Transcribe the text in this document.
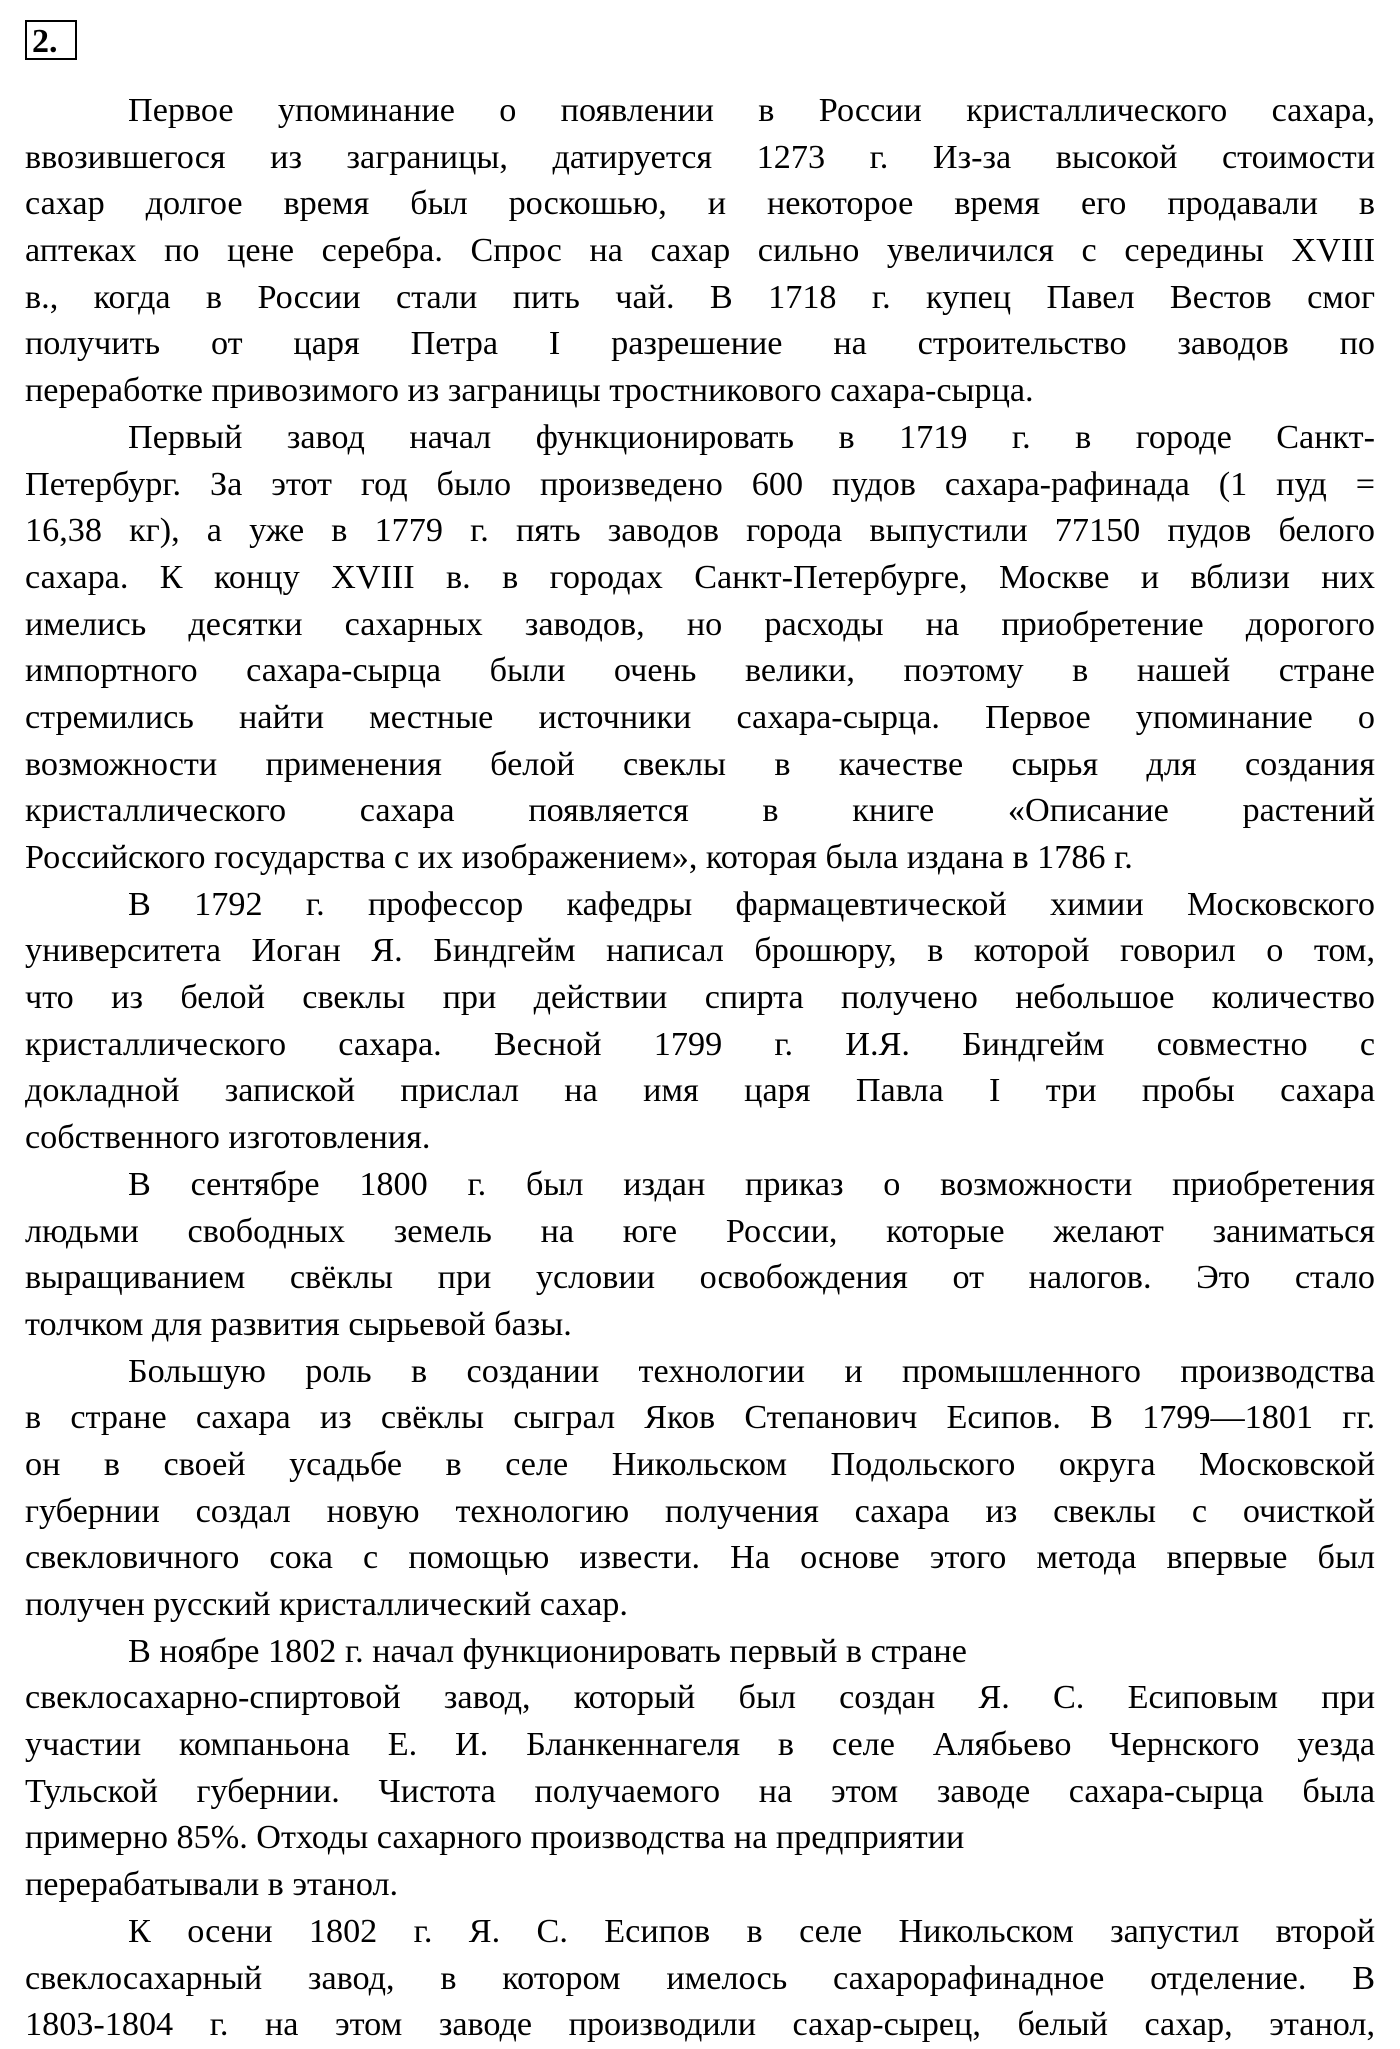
2.
Первое упоминание о появлении в России кристаллического сахара,
ввозившегося из заграницы, датируется 1273 г. Из-за высокой стоимости
сахар долгое время был роскошью, и некоторое время его продавали в
аптеках по цене серебра. Спрос на сахар сильно увеличился с середины XVIII
в., когда в России стали пить чай. В 1718 г. купец Павел Вестов смог
получить от царя Петра I разрешение на строительство заводов по
переработке привозимого из заграницы тростникового сахара-сырца.
Первый завод начал функционировать в 1719 г. в городе Санкт-
Петербург. За этот год было произведено 600 пудов сахара-рафинада (1 пуд =
16,38 кг), а уже в 1779 г. пять заводов города выпустили 77150 пудов белого
сахара. К концу XVIII в. в городах Санкт-Петербурге, Москве и вблизи них
имелись десятки сахарных заводов, но расходы на приобретение дорогого
импортного сахара-сырца были очень велики, поэтому в нашей стране
стремились найти местные источники сахара-сырца. Первое упоминание о
возможности применения белой свеклы в качестве сырья для создания
кристаллического сахара появляется в книге «Описание растений
Российского государства с их изображением», которая была издана в 1786 г.
В 1792 г. профессор кафедры фармацевтической химии Московского
университета Иоган Я. Биндгейм написал брошюру, в которой говорил о том,
что из белой свеклы при действии спирта получено небольшое количество
кристаллического сахара. Весной 1799 г. И.Я. Биндгейм совместно с
докладной запиской прислал на имя царя Павла I три пробы сахара
собственного изготовления.
В сентябре 1800 г. был издан приказ о возможности приобретения
людьми свободных земель на юге России, которые желают заниматься
выращиванием свёклы при условии освобождения от налогов. Это стало
толчком для развития сырьевой базы.
Большую роль в создании технологии и промышленного производства
в стране сахара из свёклы сыграл Яков Степанович Есипов. В 1799—1801 гг.
он в своей усадьбе в селе Никольском Подольского округа Московской
губернии создал новую технологию получения сахара из свеклы с очисткой
свекловичного сока с помощью извести. На основе этого метода впервые был
получен русский кристаллический сахар.
В ноябре 1802 г. начал функционировать первый в стране
свеклосахарно-спиртовой завод, который был создан Я. С. Есиповым при
участии компаньона Е. И. Бланкеннагеля в селе Алябьево Чернского уезда
Тульской губернии. Чистота получаемого на этом заводе сахара-сырца была
примерно 85%. Отходы сахарного производства на предприятии
перерабатывали в этанол.
К осени 1802 г. Я. С. Есипов в селе Никольском запустил второй
свеклосахарный завод, в котором имелось сахарорафинадное отделение. В
1803-1804 г. на этом заводе производили сахар-сырец, белый сахар, этанол,
